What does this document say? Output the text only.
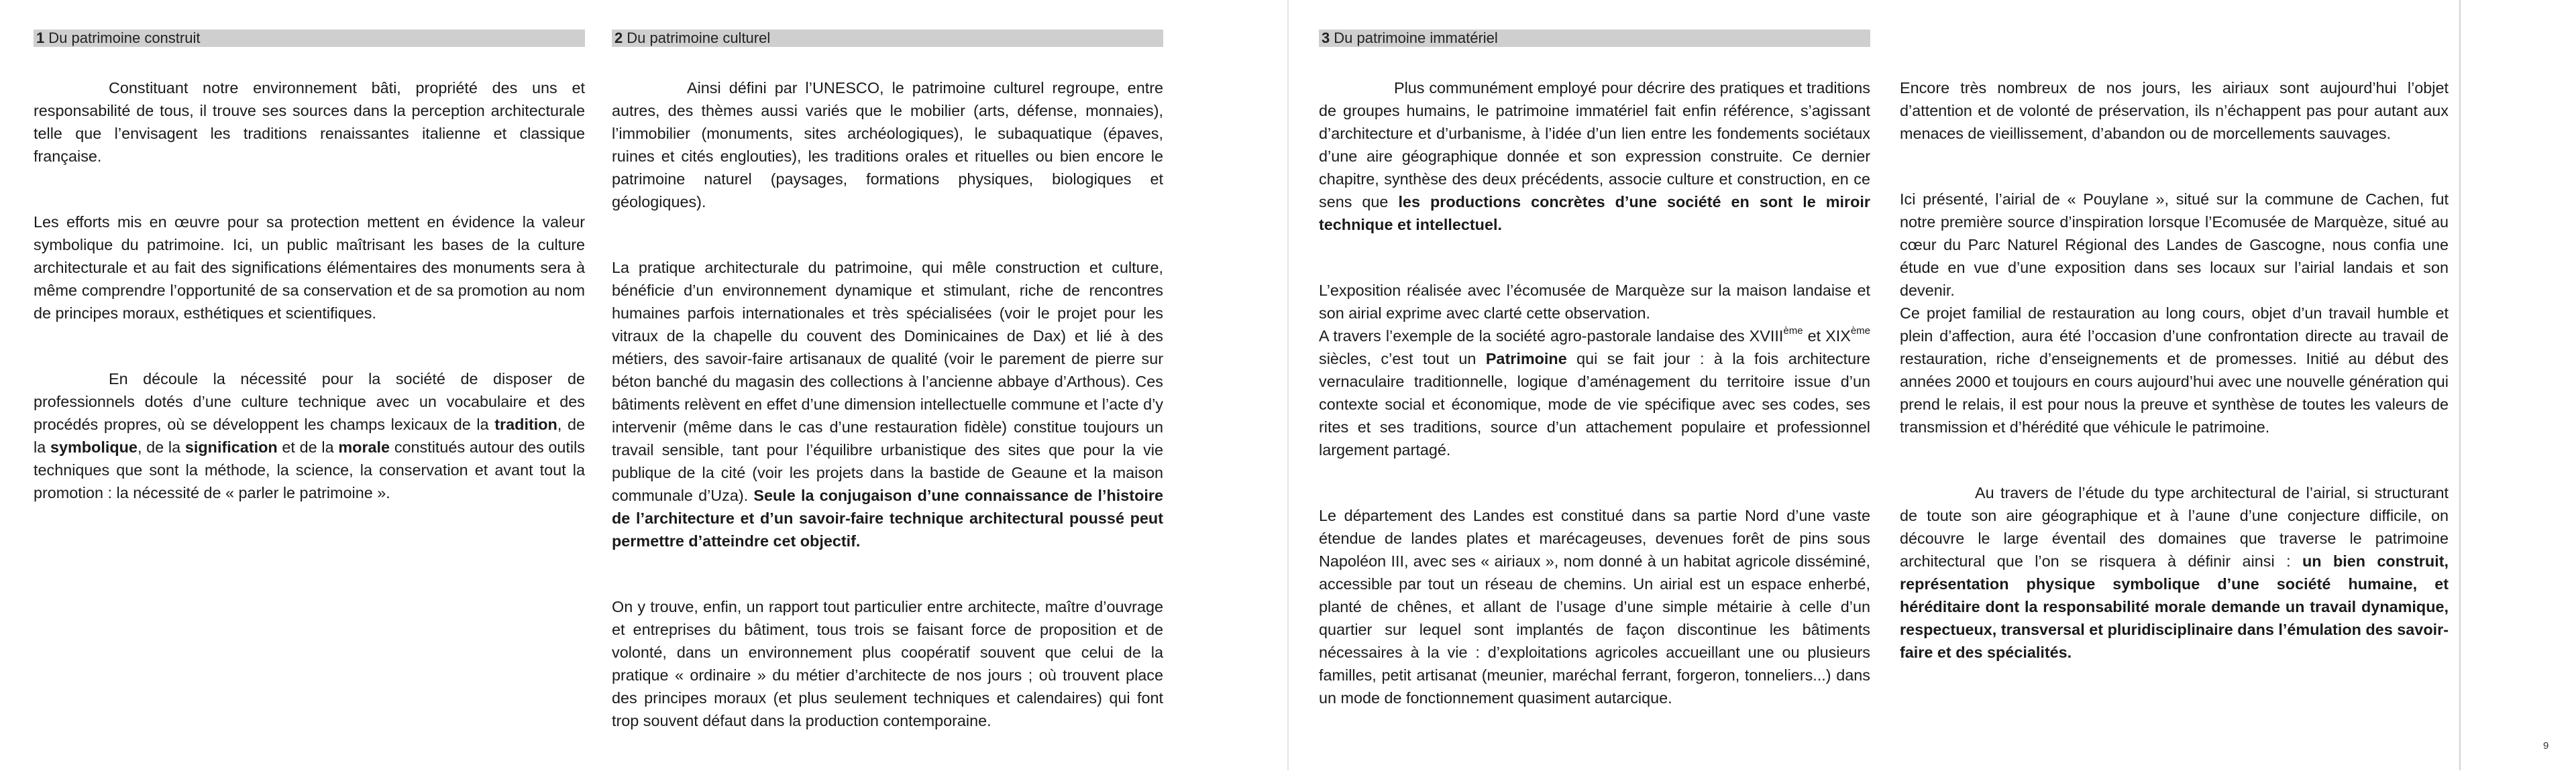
1 Du patrimoine construit

Constituant notre environnement bâti, propriété des uns et responsabilité de tous, il trouve ses sources dans la perception architecturale telle que l’envisagent les traditions renaissantes italienne et classique française.

Les efforts mis en œuvre pour sa protection mettent en évidence la valeur symbolique du patrimoine. Ici, un public maîtrisant les bases de la culture architecturale et au fait des significations élémentaires des monuments sera à même comprendre l’opportunité de sa conservation et de sa promotion au nom de principes moraux, esthétiques et scientifiques.

En découle la nécessité pour la société de disposer de professionnels dotés d’une culture technique avec un vocabulaire et des procédés propres, où se développent les champs lexicaux de la tradition, de la symbolique, de la signification et de la morale constitués autour des outils techniques que sont la méthode, la science, la conservation et avant tout la promotion : la nécessité de « parler le patrimoine ».

2 Du patrimoine culturel

Ainsi défini par l’UNESCO, le patrimoine culturel regroupe, entre autres, des thèmes aussi variés que le mobilier (arts, défense, monnaies), l’immobilier (monuments, sites archéologiques), le subaquatique (épaves, ruines et cités englouties), les traditions orales et rituelles ou bien encore le patrimoine naturel (paysages, formations physiques, biologiques et géologiques).

La pratique architecturale du patrimoine, qui mêle construction et culture, bénéficie d’un environnement dynamique et stimulant, riche de rencontres humaines parfois internationales et très spécialisées (voir le projet pour les vitraux de la chapelle du couvent des Dominicaines de Dax) et lié à des métiers, des savoir-faire artisanaux de qualité (voir le parement de pierre sur béton banché du magasin des collections à l’ancienne abbaye d’Arthous). Ces bâtiments relèvent en effet d’une dimension intellectuelle commune et l’acte d’y intervenir (même dans le cas d’une restauration fidèle) constitue toujours un travail sensible, tant pour l’équilibre urbanistique des sites que pour la vie publique de la cité (voir les projets dans la bastide de Geaune et la maison communale d’Uza). Seule la conjugaison d’une connaissance de l’histoire de l’architecture et d’un savoir-faire technique architectural poussé peut permettre d’atteindre cet objectif.

On y trouve, enfin, un rapport tout particulier entre architecte, maître d’ouvrage et entreprises du bâtiment, tous trois se faisant force de proposition et de volonté, dans un environnement plus coopératif souvent que celui de la pratique « ordinaire » du métier d’architecte de nos jours ; où trouvent place des principes moraux (et plus seulement techniques et calendaires) qui font trop souvent défaut dans la production contemporaine.

3 Du patrimoine immatériel

Plus communément employé pour décrire des pratiques et traditions de groupes humains, le patrimoine immatériel fait enfin référence, s’agissant d’architecture et d’urbanisme, à l’idée d’un lien entre les fondements sociétaux d’une aire géographique donnée et son expression construite. Ce dernier chapitre, synthèse des deux précédents, associe culture et construction, en ce sens que les productions concrètes d’une société en sont le miroir technique et intellectuel.

L’exposition réalisée avec l’écomusée de Marquèze sur la maison landaise et son airial exprime avec clarté cette observation.

A travers l’exemple de la société agro-pastorale landaise des XVIIIème et XIXème siècles, c’est tout un Patrimoine qui se fait jour : à la fois architecture vernaculaire traditionnelle, logique d’aménagement du territoire issue d’un contexte social et économique, mode de vie spécifique avec ses codes, ses rites et ses traditions, source d’un attachement populaire et professionnel largement partagé.

Le département des Landes est constitué dans sa partie Nord d’une vaste étendue de landes plates et marécageuses, devenues forêt de pins sous Napoléon III, avec ses « airiaux », nom donné à un habitat agricole disséminé, accessible par tout un réseau de chemins. Un airial est un espace enherbé, planté de chênes, et allant de l’usage d’une simple métairie à celle d’un quartier sur lequel sont implantés de façon discontinue les bâtiments nécessaires à la vie : d’exploitations agricoles accueillant une ou plusieurs familles, petit artisanat (meunier, maréchal ferrant, forgeron, tonneliers...) dans un mode de fonctionnement quasiment autarcique.

Encore très nombreux de nos jours, les airiaux sont aujourd’hui l’objet d’attention et de volonté de préservation, ils n’échappent pas pour autant aux menaces de vieillissement, d’abandon ou de morcellements sauvages.

Ici présenté, l’airial de « Pouylane », situé sur la commune de Cachen, fut notre première source d’inspiration lorsque l’Ecomusée de Marquèze, situé au cœur du Parc Naturel Régional des Landes de Gascogne, nous confia une étude en vue d’une exposition dans ses locaux sur l’airial landais et son devenir.

Ce projet familial de restauration au long cours, objet d’un travail humble et plein d’affection, aura été l’occasion d’une confrontation directe au travail de restauration, riche d’enseignements et de promesses. Initié au début des années 2000 et toujours en cours aujourd’hui avec une nouvelle génération qui prend le relais, il est pour nous la preuve et synthèse de toutes les valeurs de transmission et d’hérédité que véhicule le patrimoine.

Au travers de l’étude du type architectural de l’airial, si structurant de toute son aire géographique et à l’aune d’une conjecture difficile, on découvre le large éventail des domaines que traverse le patrimoine architectural que l’on se risquera à définir ainsi : un bien construit, représentation physique symbolique d’une société humaine, et héréditaire dont la responsabilité morale demande un travail dynamique, respectueux, transversal et pluridisciplinaire dans l’émulation des savoir-faire et des spécialités.

9
